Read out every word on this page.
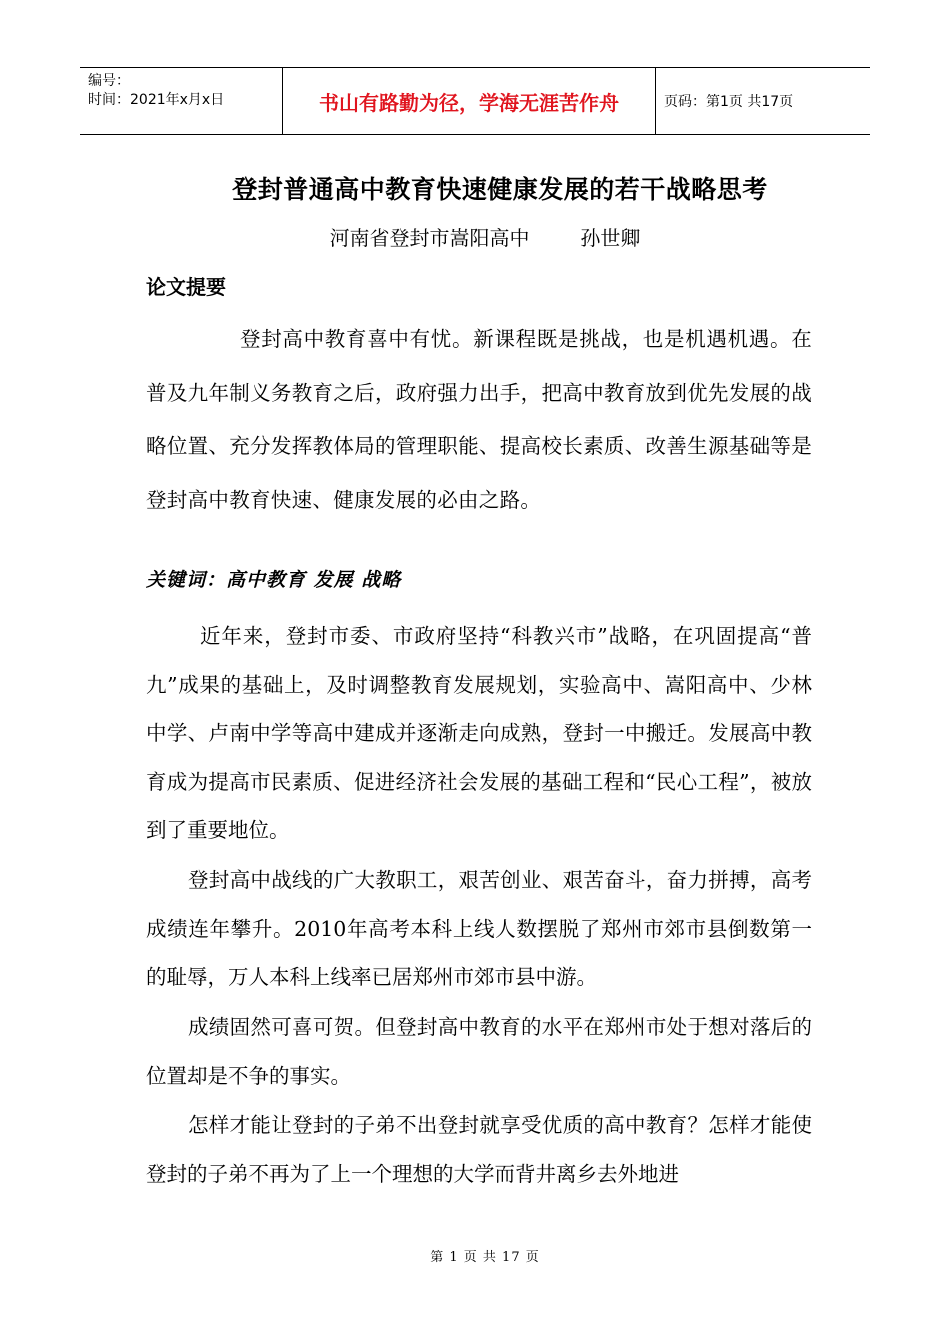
编号：
时间：2021年x月x日	书山有路勤为径，学海无涯苦作舟	页码：第1页 共17页
登封普通高中教育快速健康发展的若干战略思考
河南省登封市嵩阳高中        孙世卿
论文提要

登封高中教育喜中有忧。新课程既是挑战，也是机遇机遇。在普及九年制义务教育之后，政府强力出手，把高中教育放到优先发展的战略位置、充分发挥教体局的管理职能、提高校长素质、改善生源基础等是登封高中教育快速、健康发展的必由之路。

关键词：高中教育 发展 战略

近年来，登封市委、市政府坚持“科教兴市”战略，在巩固提高“普九”成果的基础上，及时调整教育发展规划，实验高中、嵩阳高中、少林中学、卢南中学等高中建成并逐渐走向成熟，登封一中搬迁。发展高中教育成为提高市民素质、促进经济社会发展的基础工程和“民心工程”，被放到了重要地位。

登封高中战线的广大教职工，艰苦创业、艰苦奋斗，奋力拼搏，高考成绩连年攀升。2010年高考本科上线人数摆脱了郑州市郊市县倒数第一的耻辱，万人本科上线率已居郑州市郊市县中游。

成绩固然可喜可贺。但登封高中教育的水平在郑州市处于想对落后的位置却是不争的事实。

怎样才能让登封的子弟不出登封就享受优质的高中教育？怎样才能使登封的子弟不再为了上一个理想的大学而背井离乡去外地进

第 1 页 共 17 页
